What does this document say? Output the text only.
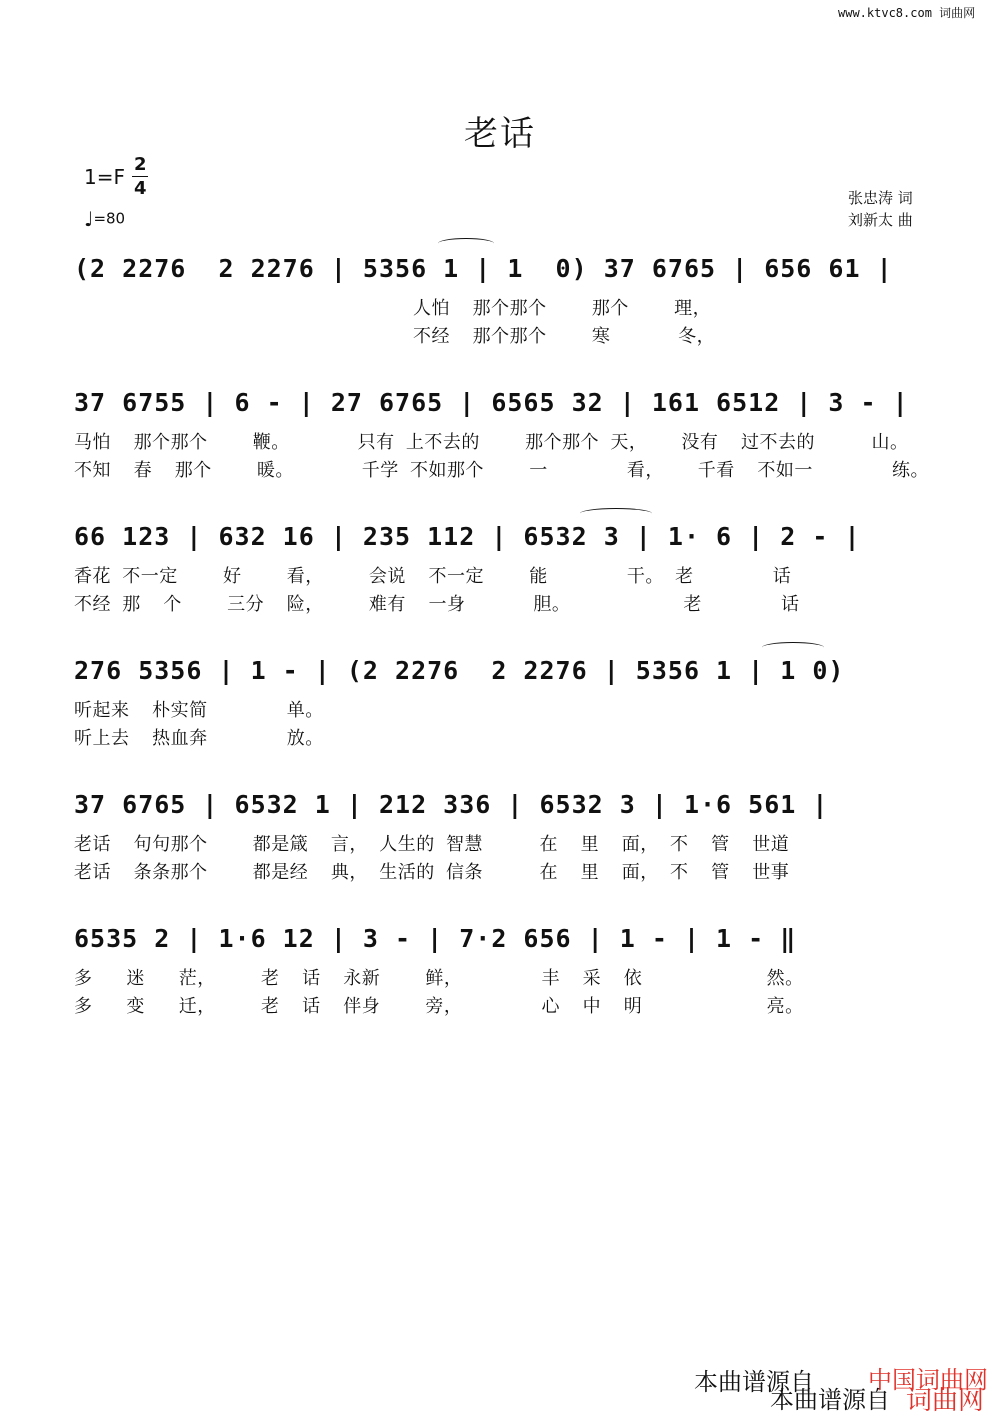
www.ktvc8.com 词曲网
老话
1=F
2
4
♩=80
张忠涛 词
刘新太 曲
(2 2276  2 2276 | 5356 1 | 1  0) 37 6765 | 656 61 |
人怕  那个那个    那个    理，
不经  那个那个    寒      冬，
37 6755 | 6 - | 27 6765 | 6565 32 | 161 6512 | 3 - |
马怕  那个那个    鞭。      只有 上不去的    那个那个 天，   没有  过不去的     山。
不知  春  那个    暖。      千学 不如那个    一       看，   千看  不如一       练。
66 123 | 632 16 | 235 112 | 6532 3 | 1· 6 | 2 - |
香花 不一定    好    看，    会说  不一定    能       干。 老       话
不经 那  个    三分  险，    难有  一身      胆。          老       话
276 5356 | 1 - | (2 2276  2 2276 | 5356 1 | 1 0)
听起来  朴实简       单。
听上去  热血奔       放。
37 6765 | 6532 1 | 212 336 | 6532 3 | 1·6 561 |
老话  句句那个    都是箴  言， 人生的 智慧     在  里  面， 不  管  世道
老话  条条那个    都是经  典， 生活的 信条     在  里  面， 不  管  世事
6535 2 | 1·6 12 | 3 - | 7·2 656 | 1 - | 1 - ‖
多   迷   茫，    老  话  永新    鲜，       丰  采  依           然。
多   变   迁，    老  话  伴身    旁，       心  中  明           亮。
本曲谱源自 中国词曲网
本曲谱源自 词曲网
